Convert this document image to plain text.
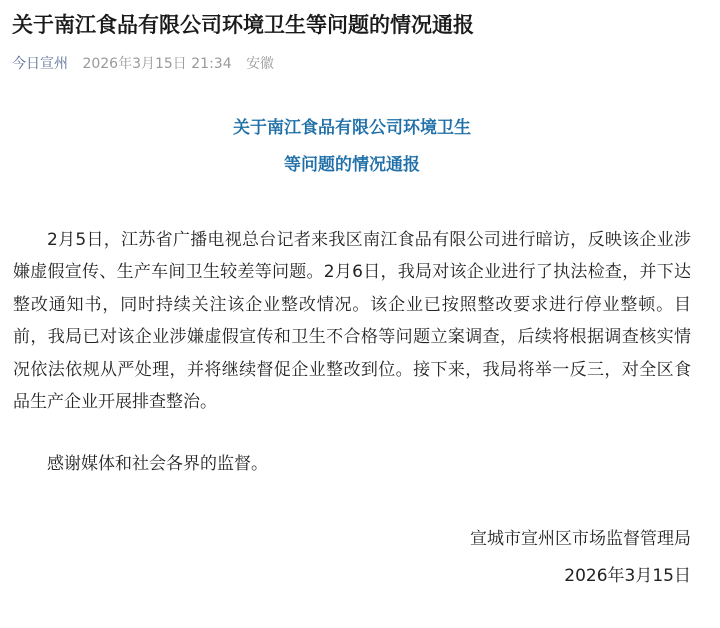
关于南江食品有限公司环境卫生等问题的情况通报
今日宣州 2026年3月15日 21:34 安徽
关于南江食品有限公司环境卫生
等问题的情况通报

2月5日，江苏省广播电视总台记者来我区南江食品有限公司进行暗访，反映该企业涉嫌虚假宣传、生产车间卫生较差等问题。2月6日，我局对该企业进行了执法检查，并下达整改通知书，同时持续关注该企业整改情况。该企业已按照整改要求进行停业整顿。目前，我局已对该企业涉嫌虚假宣传和卫生不合格等问题立案调查，后续将根据调查核实情况依法依规从严处理，并将继续督促企业整改到位。接下来，我局将举一反三，对全区食品生产企业开展排查整治。

感谢媒体和社会各界的监督。

宣城市宣州区市场监督管理局
2026年3月15日
